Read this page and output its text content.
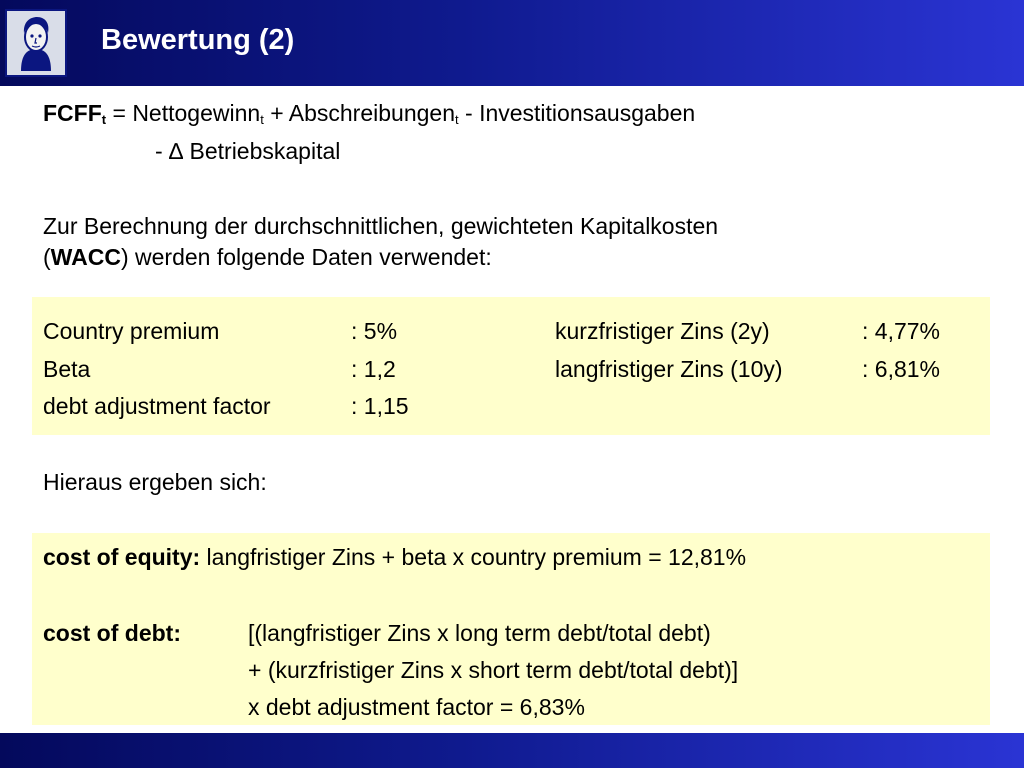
Bewertung (2)
$FCFF_t$ = Nettogewinn$_t$ + Abschreibungen$_t$ - Investitionsausgaben
- ∆ Betriebskapital
Zur Berechnung der durchschnittlichen, gewichteten Kapitalkosten
(WACC) werden folgende Daten verwendet:
Country premium	: 5%	kurzfristiger Zins (2y)	: 4,77%
Beta	: 1,2	langfristiger Zins (10y)	: 6,81%
debt adjustment factor	: 1,15
Hieraus ergeben sich:
cost of equity: langfristiger Zins + beta x country premium = 12,81%
cost of debt:	[(langfristiger Zins x long term debt/total debt)
+ (kurzfristiger Zins x short term debt/total debt)]
x debt adjustment factor = 6,83%
